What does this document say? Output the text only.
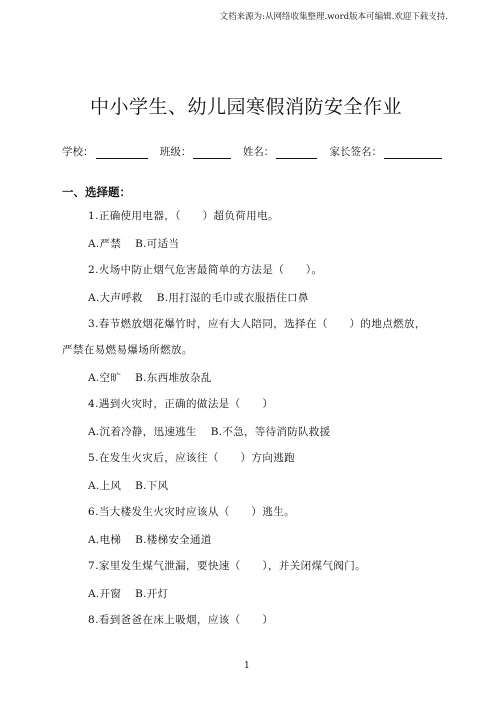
文档来源为:从网络收集整理.word版本可编辑.欢迎下载支持.
中小学生、幼儿园寒假消防安全作业
学校：	班级：	姓名：	家长签名：
一、选择题：
1.正确使用电器，（　　）超负荷用电。
A.严禁 B.可适当
2.火场中防止烟气危害最简单的方法是（　　）。
A.大声呼救 B.用打湿的毛巾或衣服捂住口鼻
3.春节燃放烟花爆竹时，应有大人陪同，选择在（　　）的地点燃放，
严禁在易燃易爆场所燃放。
A.空旷 B.东西堆放杂乱
4.遇到火灾时，正确的做法是（　　）
A.沉着冷静，迅速逃生 B.不急，等待消防队救援
5.在发生火灾后，应该往（　　）方向逃跑
A.上风 B.下风
6.当大楼发生火灾时应该从（　　）逃生。
A.电梯 B.楼梯安全通道
7.家里发生煤气泄漏，要快速（　　），并关闭煤气阀门。
A.开窗 B.开灯
8.看到爸爸在床上吸烟，应该（　　）
1
